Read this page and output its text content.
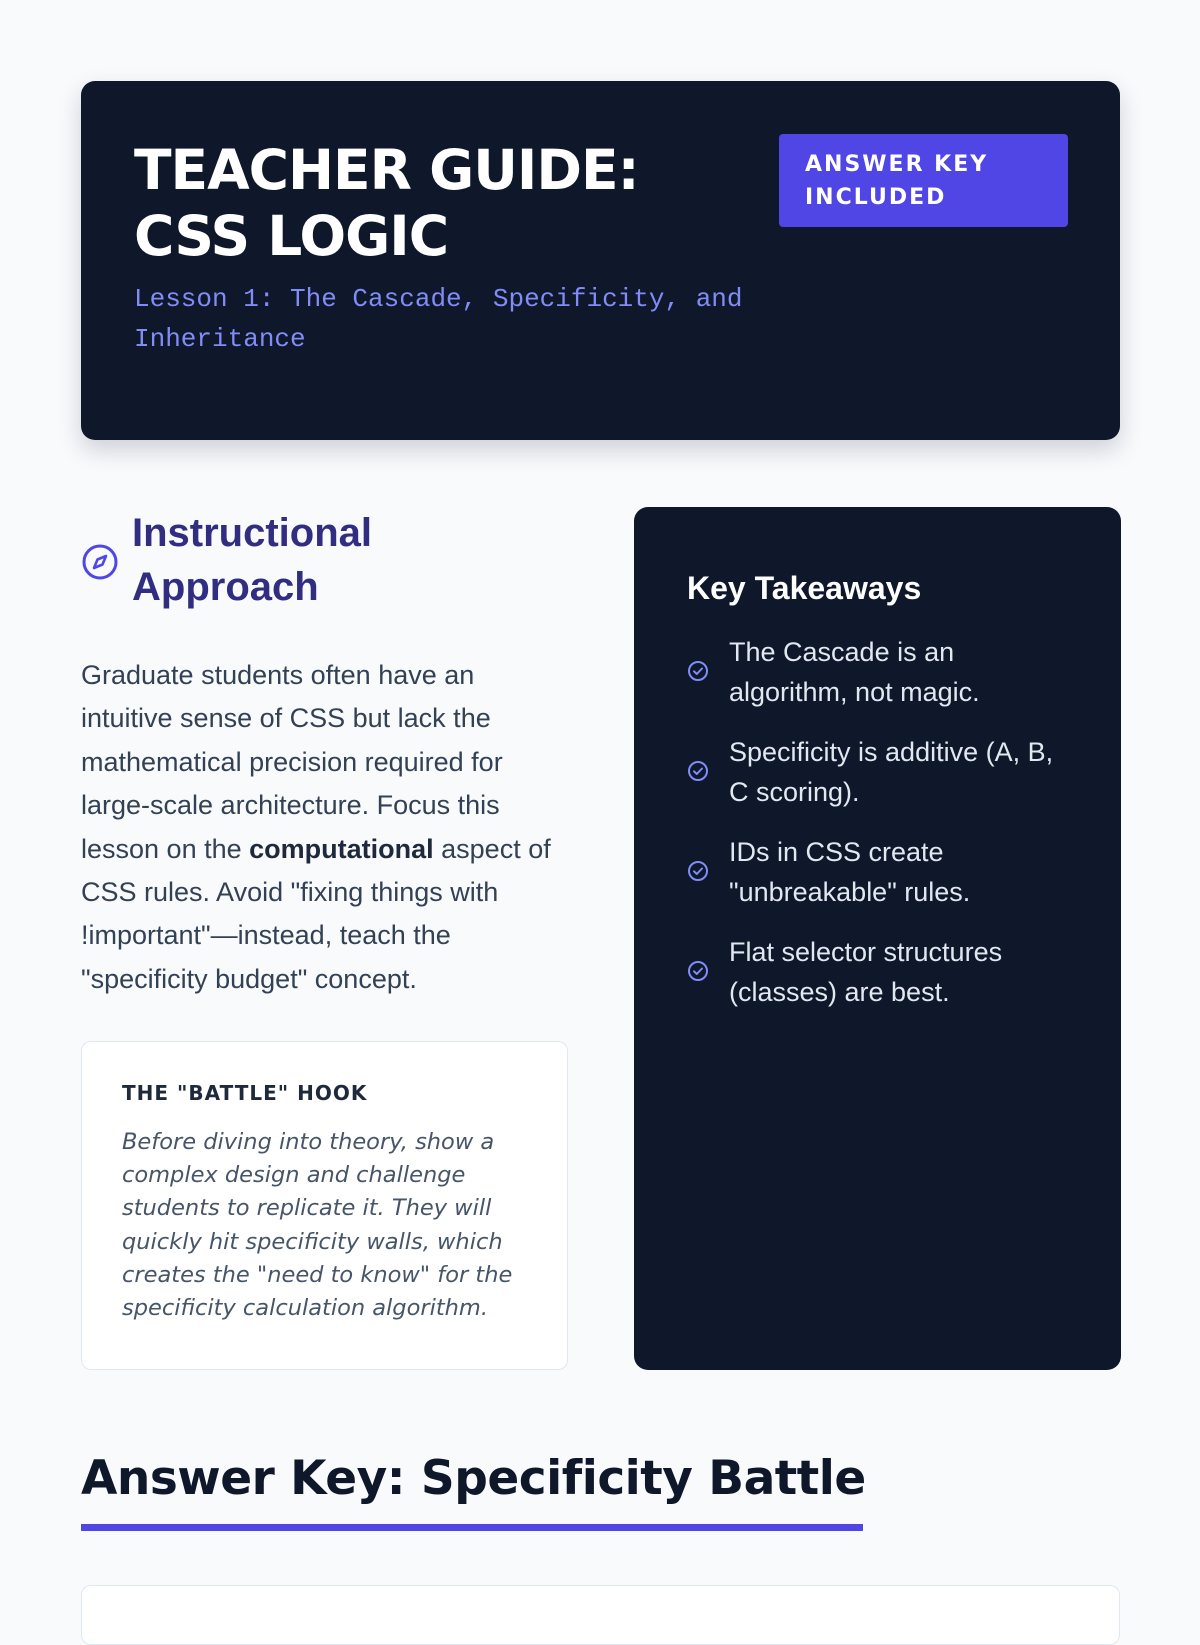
TEACHER GUIDE: CSS LOGIC

Lesson 1: The Cascade, Specificity, and Inheritance

ANSWER KEY INCLUDED
Instructional Approach

Graduate students often have an intuitive sense of CSS but lack the mathematical precision required for large-scale architecture. Focus this lesson on the computational aspect of CSS rules. Avoid "fixing things with !important"—instead, teach the "specificity budget" concept.

THE "BATTLE" HOOK

Before diving into theory, show a complex design and challenge students to replicate it. They will quickly hit specificity walls, which creates the "need to know" for the specificity calculation algorithm.

Key Takeaways
The Cascade is an algorithm, not magic.
Specificity is additive (A, B, C scoring).
IDs in CSS create "unbreakable" rules.
Flat selector structures (classes) are best.
Answer Key: Specificity Battle
